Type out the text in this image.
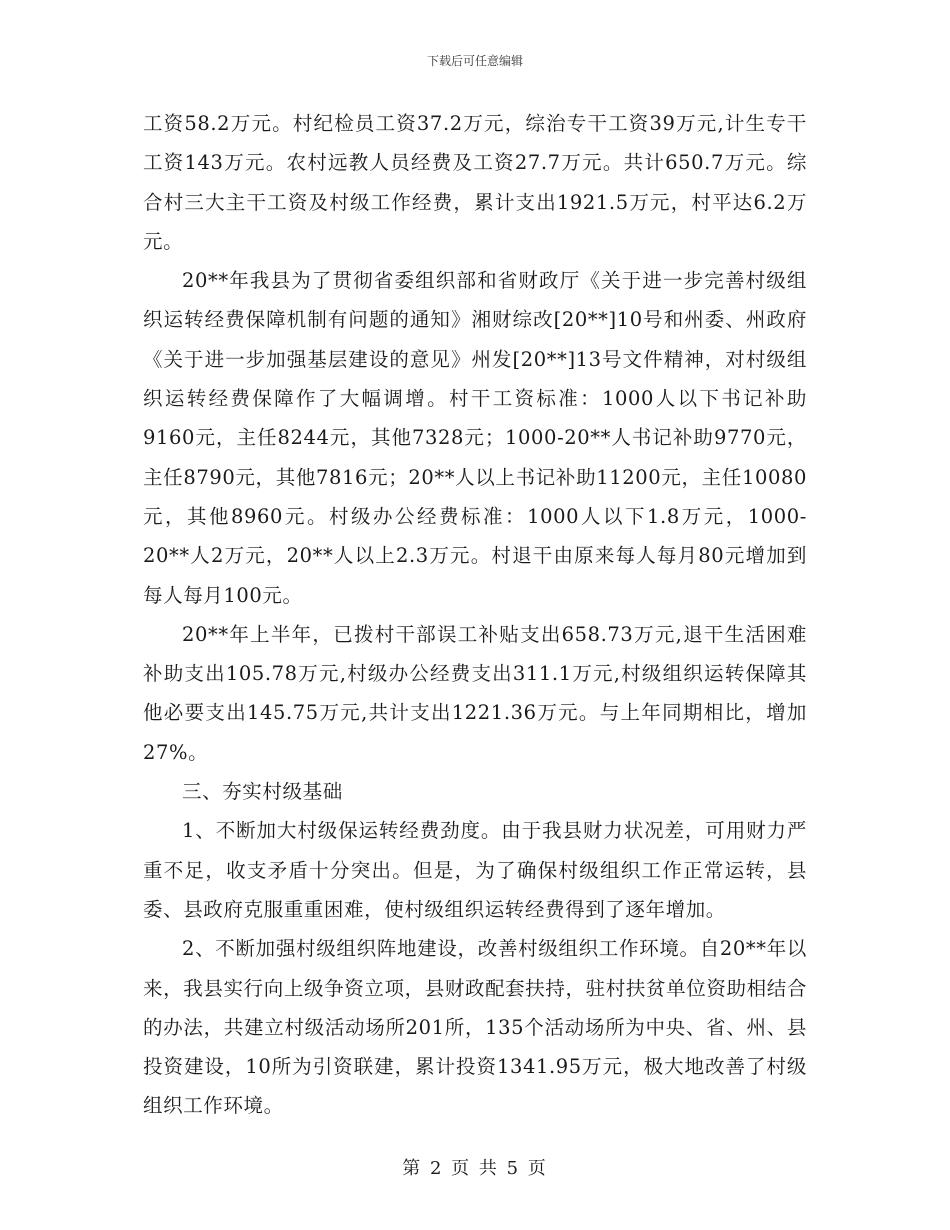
下载后可任意编辑

工资58.2万元。村纪检员工资37.2万元，综治专干工资39万元,计生专干工资143万元。农村远教人员经费及工资27.7万元。共计650.7万元。综合村三大主干工资及村级工作经费，累计支出1921.5万元，村平达6.2万元。

20**年我县为了贯彻省委组织部和省财政厅《关于进一步完善村级组织运转经费保障机制有问题的通知》湘财综改[20**]10号和州委、州政府《关于进一步加强基层建设的意见》州发[20**]13号文件精神，对村级组织运转经费保障作了大幅调增。村干工资标准：1000人以下书记补助9160元，主任8244元，其他7328元；1000-20**人书记补助9770元，主任8790元，其他7816元；20**人以上书记补助11200元，主任10080元，其他8960元。村级办公经费标准：1000人以下1.8万元，1000-20**人2万元，20**人以上2.3万元。村退干由原来每人每月80元增加到每人每月100元。

20**年上半年，已拨村干部误工补贴支出658.73万元,退干生活困难补助支出105.78万元,村级办公经费支出311.1万元,村级组织运转保障其他必要支出145.75万元,共计支出1221.36万元。与上年同期相比，增加27%。

三、夯实村级基础

1、不断加大村级保运转经费劲度。由于我县财力状况差，可用财力严重不足，收支矛盾十分突出。但是，为了确保村级组织工作正常运转，县委、县政府克服重重困难，使村级组织运转经费得到了逐年增加。

2、不断加强村级组织阵地建设，改善村级组织工作环境。自20**年以来，我县实行向上级争资立项，县财政配套扶持，驻村扶贫单位资助相结合的办法，共建立村级活动场所201所，135个活动场所为中央、省、州、县投资建设，10所为引资联建，累计投资1341.95万元，极大地改善了村级组织工作环境。

第 2 页 共 5 页
